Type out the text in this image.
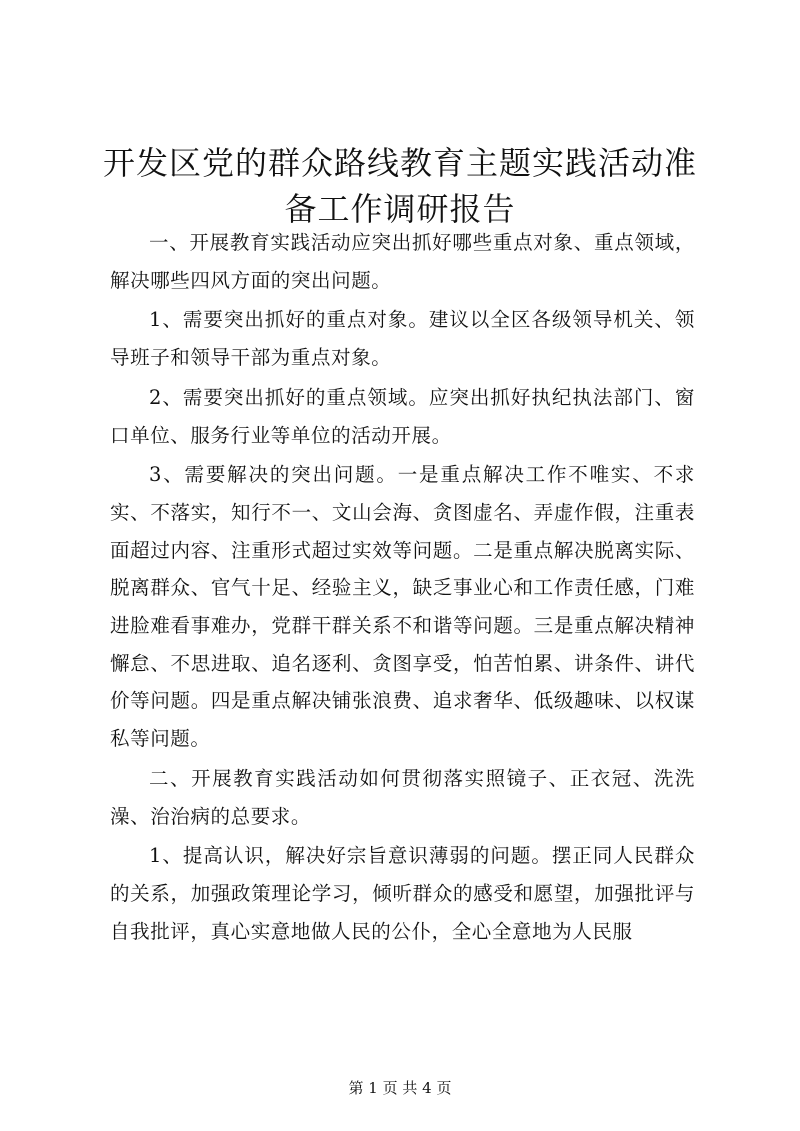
开发区党的群众路线教育主题实践活动准备工作调研报告

一、开展教育实践活动应突出抓好哪些重点对象、重点领域，解决哪些四风方面的突出问题。

1、需要突出抓好的重点对象。建议以全区各级领导机关、领导班子和领导干部为重点对象。

2、需要突出抓好的重点领域。应突出抓好执纪执法部门、窗口单位、服务行业等单位的活动开展。

3、需要解决的突出问题。一是重点解决工作不唯实、不求实、不落实，知行不一、文山会海、贪图虚名、弄虚作假，注重表面超过内容、注重形式超过实效等问题。二是重点解决脱离实际、脱离群众、官气十足、经验主义，缺乏事业心和工作责任感，门难进脸难看事难办，党群干群关系不和谐等问题。三是重点解决精神懈怠、不思进取、追名逐利、贪图享受，怕苦怕累、讲条件、讲代价等问题。四是重点解决铺张浪费、追求奢华、低级趣味、以权谋私等问题。

二、开展教育实践活动如何贯彻落实照镜子、正衣冠、洗洗澡、治治病的总要求。

1、提高认识，解决好宗旨意识薄弱的问题。摆正同人民群众的关系，加强政策理论学习，倾听群众的感受和愿望，加强批评与自我批评，真心实意地做人民的公仆，全心全意地为人民服

第 1 页 共 4 页
